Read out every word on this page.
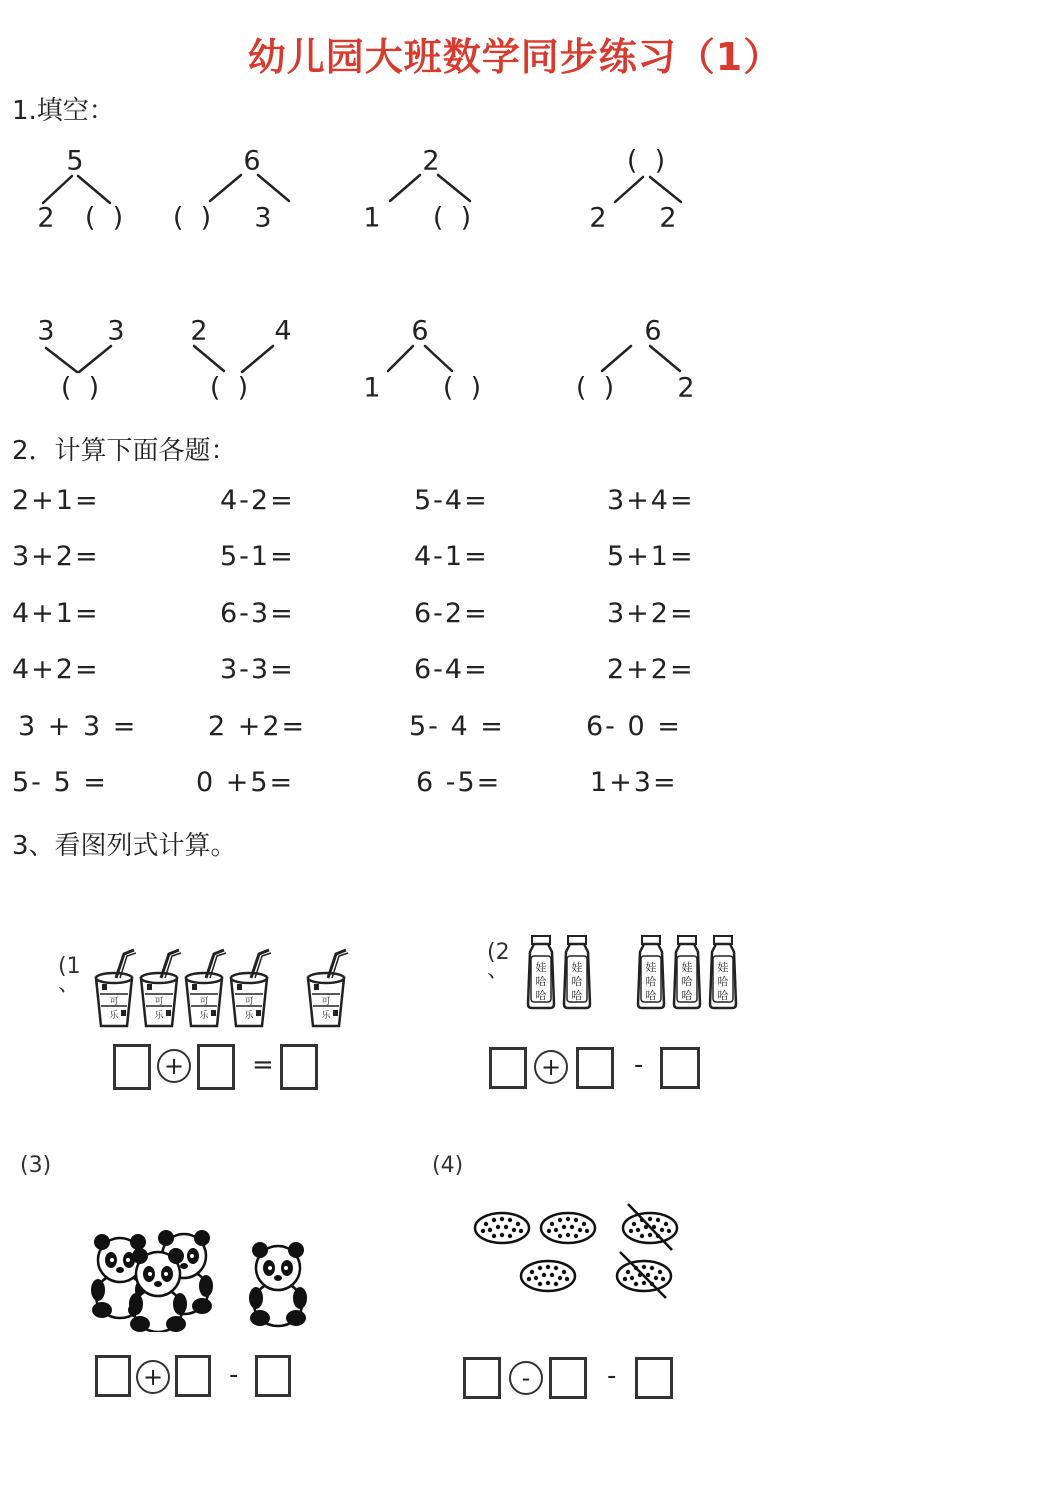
幼儿园大班数学同步练习（1）
1.填空：
5
2 (  )
6
(  ) 3
2
1 (  )
(  )
2 2
3 3
(  )
2 4
(  )
6
1 (  )
6
(  ) 2
2．计算下面各题：
2+1=	4-2=	5-4=	3+4=
3+2=	5-1=	4-1=	5+1=
4+1=	6-3=	6-2=	3+2=
4+2=	3-3=	6-4=	2+2=
3 + 3 =	2 +2=	5- 4 =	6- 0 =
5- 5 =	0 +5=	6 -5=	1+3=
3、看图列式计算。
(1
、
+	=
(2
、
+	-
(3)
+	-
(4)
-	-
